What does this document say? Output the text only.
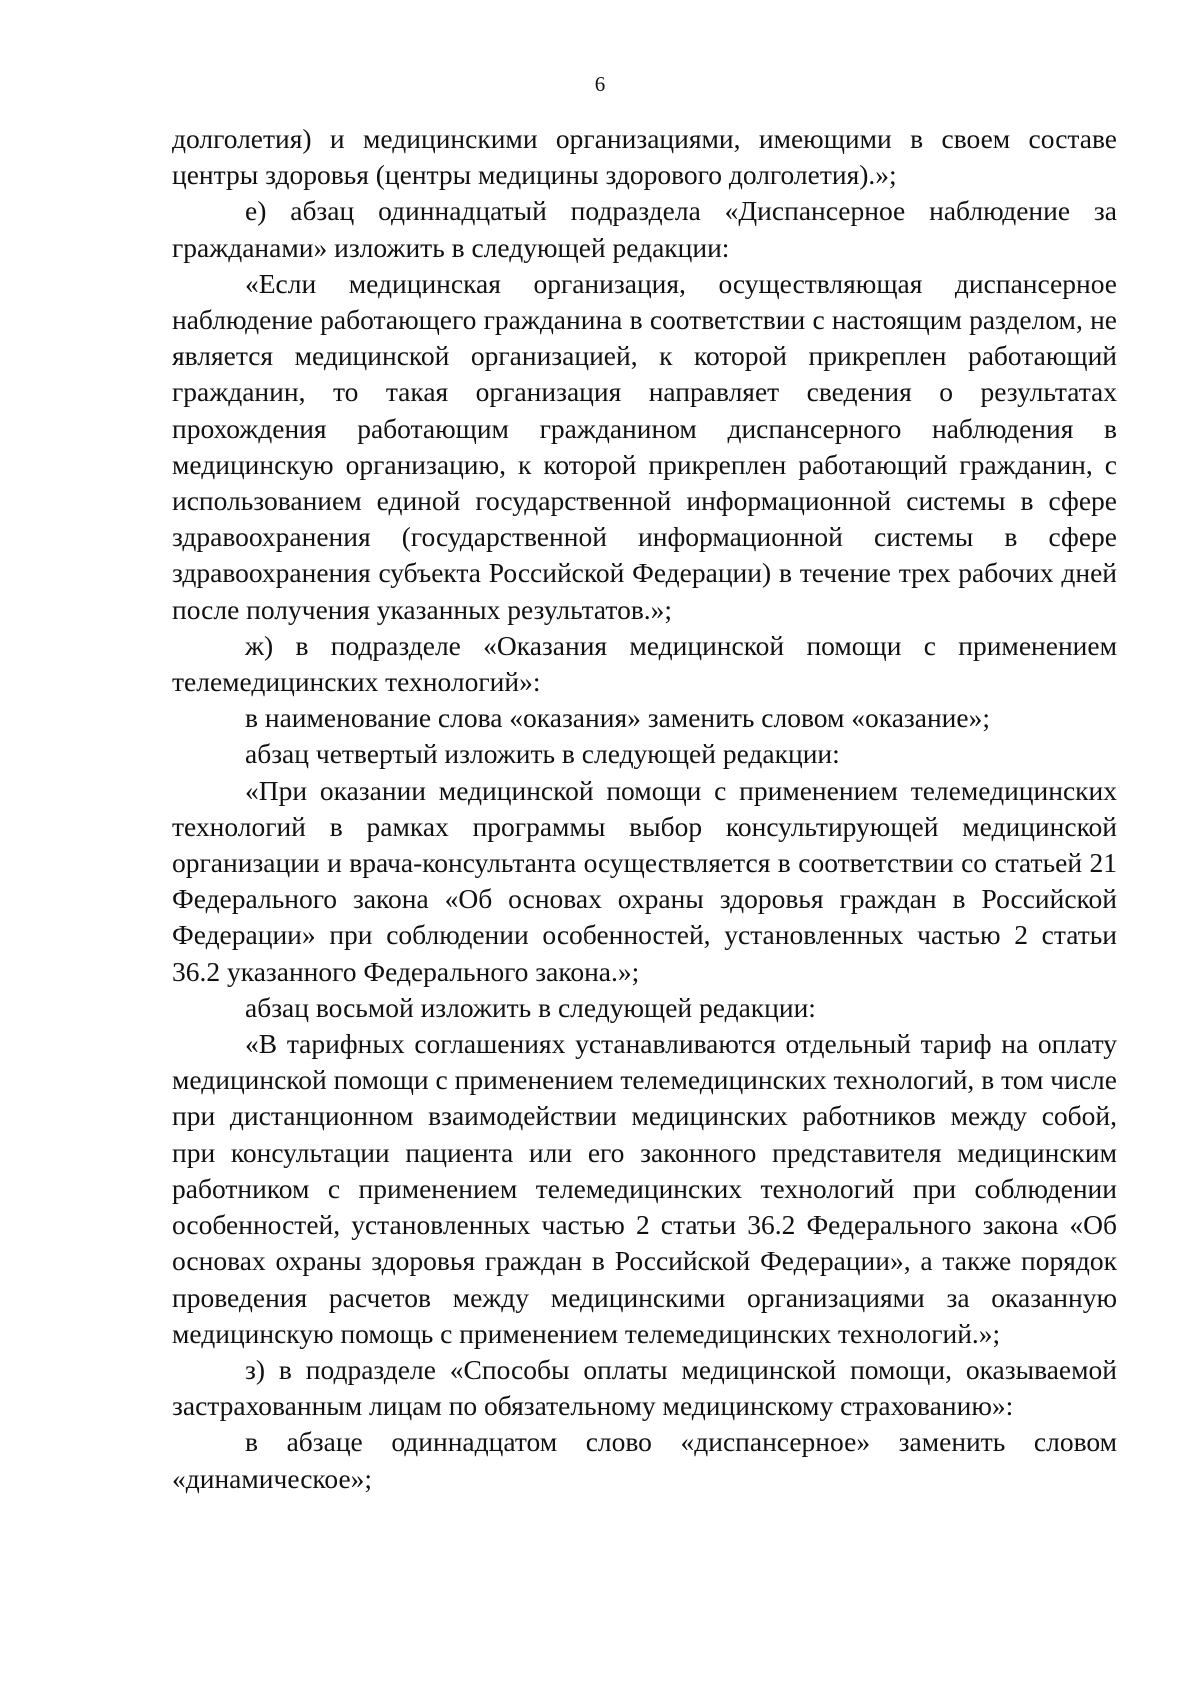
6

долголетия) и медицинскими организациями, имеющими в своем составе центры здоровья (центры медицины здорового долголетия).»;

е) абзац одиннадцатый подраздела «Диспансерное наблюдение за гражданами» изложить в следующей редакции:

«Если медицинская организация, осуществляющая диспансерное наблюдение работающего гражданина в соответствии с настоящим разделом, не является медицинской организацией, к которой прикреплен работающий гражданин, то такая организация направляет сведения о результатах прохождения работающим гражданином диспансерного наблюдения в медицинскую организацию, к которой прикреплен работающий гражданин, с использованием единой государственной информационной системы в сфере здравоохранения (государственной информационной системы в сфере здравоохранения субъекта Российской Федерации) в течение трех рабочих дней после получения указанных результатов.»;

ж) в подразделе «Оказания медицинской помощи с применением телемедицинских технологий»:

в наименование слова «оказания» заменить словом «оказание»;

абзац четвертый изложить в следующей редакции:

«При оказании медицинской помощи с применением телемедицинских технологий в рамках программы выбор консультирующей медицинской организации и врача-консультанта осуществляется в соответствии со статьей 21 Федерального закона «Об основах охраны здоровья граждан в Российской Федерации» при соблюдении особенностей, установленных частью 2 статьи 36.2 указанного Федерального закона.»;

абзац восьмой изложить в следующей редакции:

«В тарифных соглашениях устанавливаются отдельный тариф на оплату медицинской помощи с применением телемедицинских технологий, в том числе при дистанционном взаимодействии медицинских работников между собой, при консультации пациента или его законного представителя медицинским работником с применением телемедицинских технологий при соблюдении особенностей, установленных частью 2 статьи 36.2 Федерального закона «Об основах охраны здоровья граждан в Российской Федерации», а также порядок проведения расчетов между медицинскими организациями за оказанную медицинскую помощь с применением телемедицинских технологий.»;

з) в подразделе «Способы оплаты медицинской помощи, оказываемой застрахованным лицам по обязательному медицинскому страхованию»:

в абзаце одиннадцатом слово «диспансерное» заменить словом «динамическое»;
